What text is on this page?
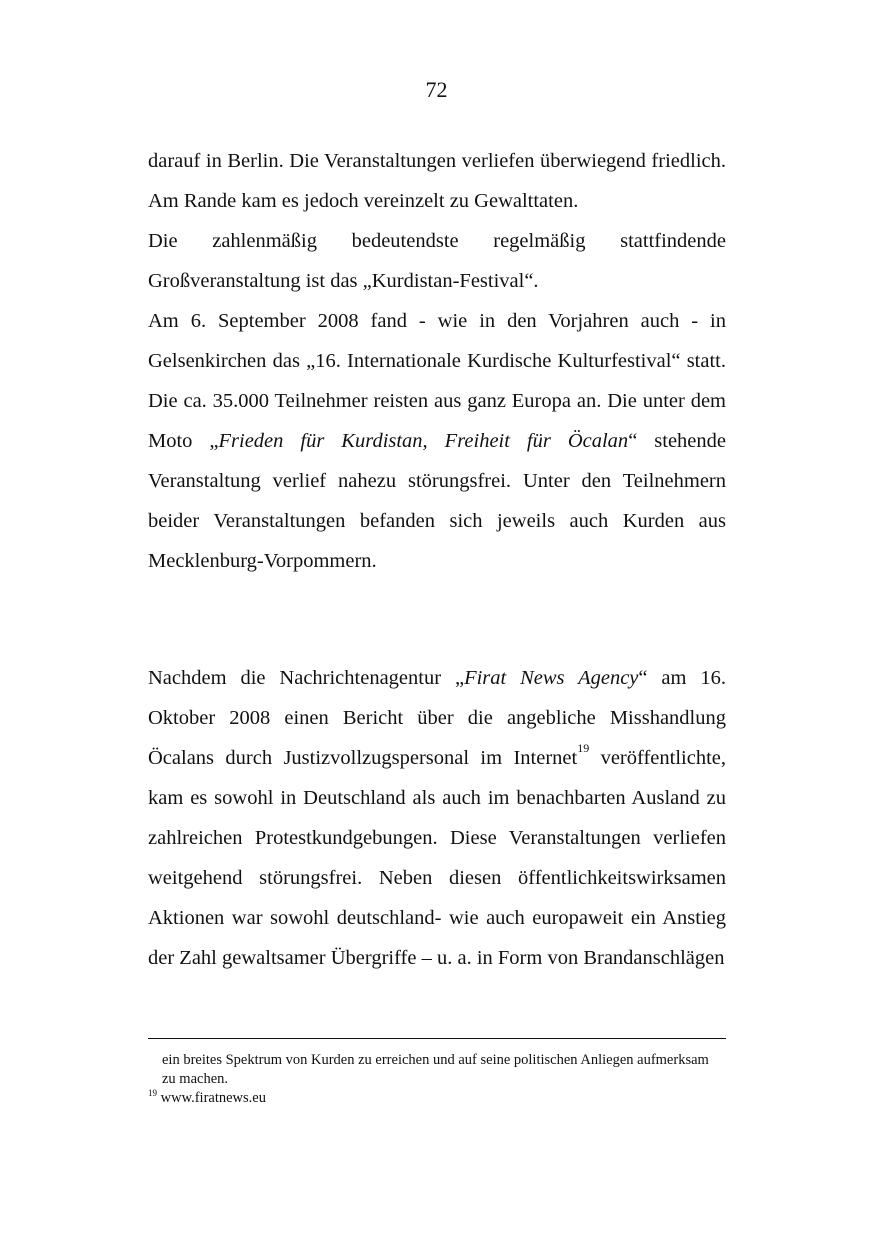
72

darauf in Berlin. Die Veranstaltungen verliefen überwiegend friedlich. Am Rande kam es jedoch vereinzelt zu Gewalttaten.

Die zahlenmäßig bedeutendste regelmäßig stattfindende Großveranstaltung ist das „Kurdistan-Festival“.

Am 6. September 2008 fand - wie in den Vorjahren auch - in Gelsenkirchen das „16. Internationale Kurdische Kulturfestival“ statt. Die ca. 35.000 Teilnehmer reisten aus ganz Europa an. Die unter dem Moto „Frieden für Kurdistan, Freiheit für Öcalan“ stehende Veranstaltung verlief nahezu störungsfrei. Unter den Teilnehmern beider Veranstaltungen befanden sich jeweils auch Kurden aus Mecklenburg-Vorpommern.

Nachdem die Nachrichtenagentur „Firat News Agency“ am 16. Oktober 2008 einen Bericht über die angebliche Misshandlung Öcalans durch Justizvollzugspersonal im Internet$^{19}$ veröffentlichte, kam es sowohl in Deutschland als auch im benachbarten Ausland zu zahlreichen Protestkundgebungen. Diese Veranstaltungen verliefen weitgehend störungsfrei. Neben diesen öffentlichkeitswirksamen Aktionen war sowohl deutschland- wie auch europaweit ein Anstieg der Zahl gewaltsamer Übergriffe – u. a. in Form von Brandanschlägen

ein breites Spektrum von Kurden zu erreichen und auf seine politischen Anliegen aufmerksam zu machen.

$^{19}$ www.firatnews.eu
